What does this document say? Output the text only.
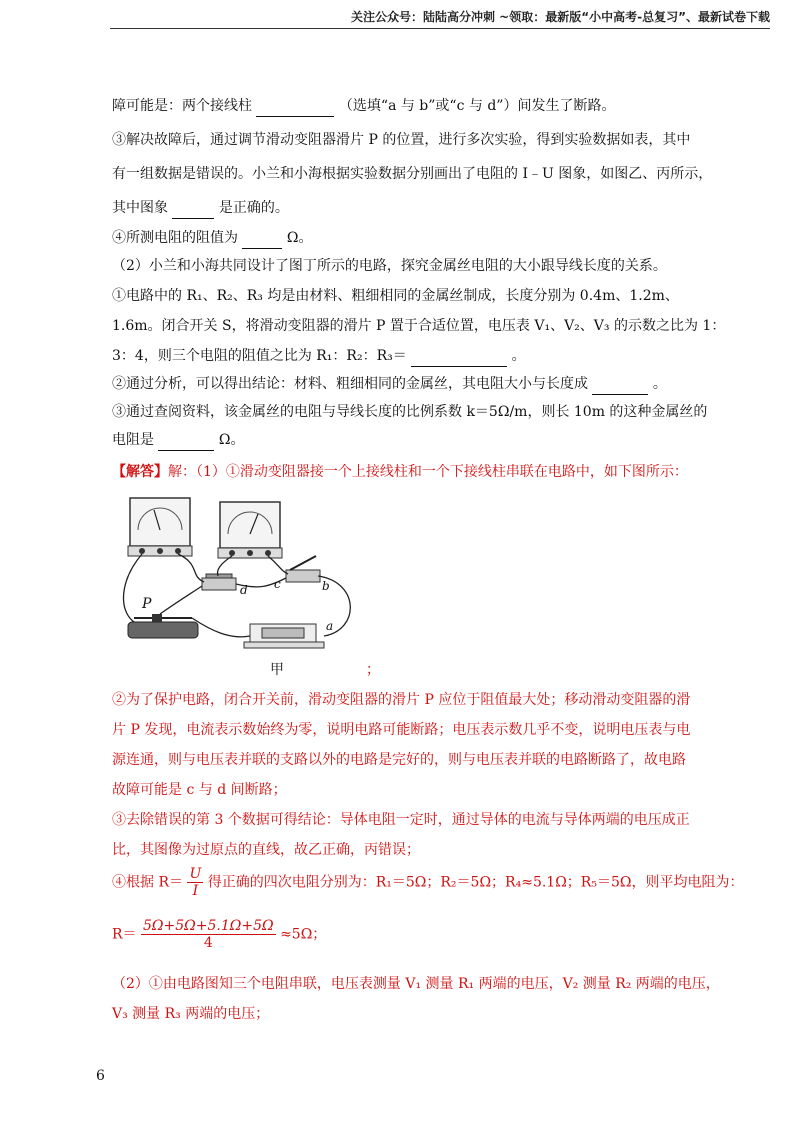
关注公众号：陆陆高分冲刺 ~领取：最新版“小中高考-总复习”、最新试卷下载
障可能是：两个接线柱	（选填“a 与 b”或“c 与 d”）间发生了断路。
③解决故障后，通过调节滑动变阻器滑片 P 的位置，进行多次实验，得到实验数据如表，其中
有一组数据是错误的。小兰和小海根据实验数据分别画出了电阻的 I﹣U 图象，如图乙、丙所示，
其中图象	是正确的。
④所测电阻的阻值为	Ω。
（2）小兰和小海共同设计了图丁所示的电路，探究金属丝电阻的大小跟导线长度的关系。
①电路中的 R₁、R₂、R₃ 均是由材料、粗细相同的金属丝制成，长度分别为 0.4m、1.2m、
1.6m。闭合开关 S，将滑动变阻器的滑片 P 置于合适位置，电压表 V₁、V₂、V₃ 的示数之比为 1：
3：4，则三个电阻的阻值之比为 R₁：R₂：R₃＝	。
②通过分析，可以得出结论：材料、粗细相同的金属丝，其电阻大小与长度成	。
③通过查阅资料，该金属丝的电阻与导线长度的比例系数 k＝5Ω/m，则长 10m 的这种金属丝的
电阻是	Ω。
【解答】解：（1）①滑动变阻器接一个上接线柱和一个下接线柱串联在电路中，如下图所示：
；
②为了保护电路，闭合开关前，滑动变阻器的滑片 P 应位于阻值最大处；移动滑动变阻器的滑
片 P 发现，电流表示数始终为零，说明电路可能断路；电压表示数几乎不变，说明电压表与电
源连通，则与电压表并联的支路以外的电路是完好的，则与电压表并联的电路断路了，故电路
故障可能是 c 与 d 间断路；
③去除错误的第 3 个数据可得结论：导体电阻一定时，通过导体的电流与导体两端的电压成正
比，其图像为过原点的直线，故乙正确，丙错误；
④根据 $R= \frac{U}{I}$ 得正确的四次电阻分别为：R₁＝5Ω；R₂＝5Ω；R₄≈5.1Ω；R₅＝5Ω，则平均电阻为：
$R= \frac{5\Omega+5\Omega+5.1\Omega+5\Omega}{4} \approx 5\Omega$；
（2）①由电路图知三个电阻串联，电压表测量 V₁ 测量 R₁ 两端的电压，V₂ 测量 R₂ 两端的电压，
V₃ 测量 R₃ 两端的电压；
P
d c	b
a
甲
6
